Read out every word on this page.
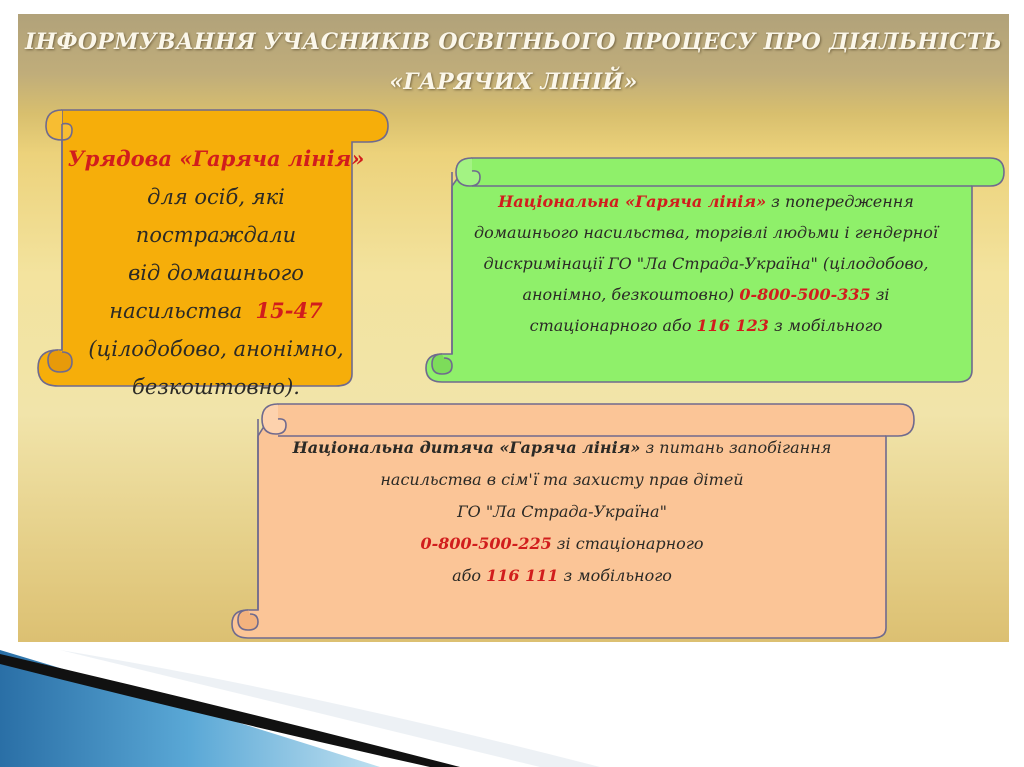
ІНФОРМУВАННЯ УЧАСНИКІВ ОСВІТНЬОГО ПРОЦЕСУ ПРО ДІЯЛЬНІСТЬ
«ГАРЯЧИХ ЛІНІЙ»
Урядова «Гаряча лінія»
для осіб, які постраждали
від домашнього
насильства 15-47
(цілодобово, анонімно,
безкоштовно).
Національна «Гаряча лінія» з попередження
домашнього насильства, торгівлі людьми і гендерної
дискримінації ГО "Ла Страда-Україна" (цілодобово,
анонімно, безкоштовно) 0-800-500-335 зі
стаціонарного або 116 123 з мобільного
Національна дитяча «Гаряча лінія» з питань запобігання
насильства в сім'ї та захисту прав дітей
ГО "Ла Страда-Україна"
0-800-500-225 зі стаціонарного
або 116 111 з мобільного
